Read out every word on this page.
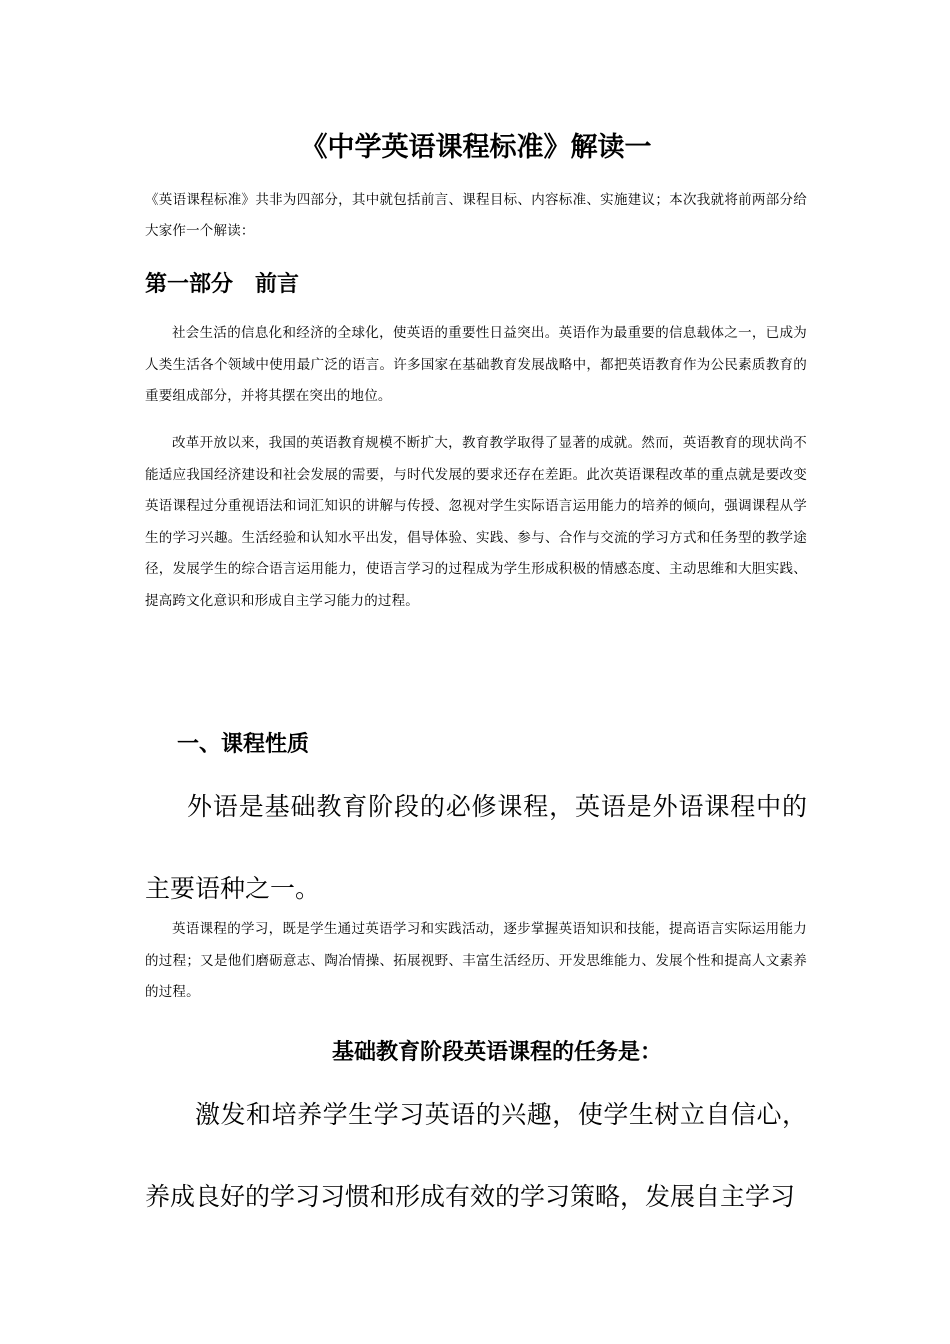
《中学英语课程标准》解读一

《英语课程标准》共非为四部分，其中就包括前言、课程目标、内容标准、实施建议；本次我就将前两部分给大家作一个解读：

第一部分　前言

社会生活的信息化和经济的全球化，使英语的重要性日益突出。英语作为最重要的信息载体之一，已成为人类生活各个领域中使用最广泛的语言。许多国家在基础教育发展战略中，都把英语教育作为公民素质教育的重要组成部分，并将其摆在突出的地位。

改革开放以来，我国的英语教育规模不断扩大，教育教学取得了显著的成就。然而，英语教育的现状尚不能适应我国经济建设和社会发展的需要，与时代发展的要求还存在差距。此次英语课程改革的重点就是要改变英语课程过分重视语法和词汇知识的讲解与传授、忽视对学生实际语言运用能力的培养的倾向，强调课程从学生的学习兴趣。生活经验和认知水平出发，倡导体验、实践、参与、合作与交流的学习方式和任务型的教学途径，发展学生的综合语言运用能力，使语言学习的过程成为学生形成积极的情感态度、主动思维和大胆实践、提高跨文化意识和形成自主学习能力的过程。

一、课程性质

外语是基础教育阶段的必修课程，英语是外语课程中的主要语种之一。

英语课程的学习，既是学生通过英语学习和实践活动，逐步掌握英语知识和技能，提高语言实际运用能力的过程；又是他们磨砺意志、陶冶情操、拓展视野、丰富生活经历、开发思维能力、发展个性和提高人文素养的过程。

基础教育阶段英语课程的任务是：

激发和培养学生学习英语的兴趣，使学生树立自信心，养成良好的学习习惯和形成有效的学习策略，发展自主学习
